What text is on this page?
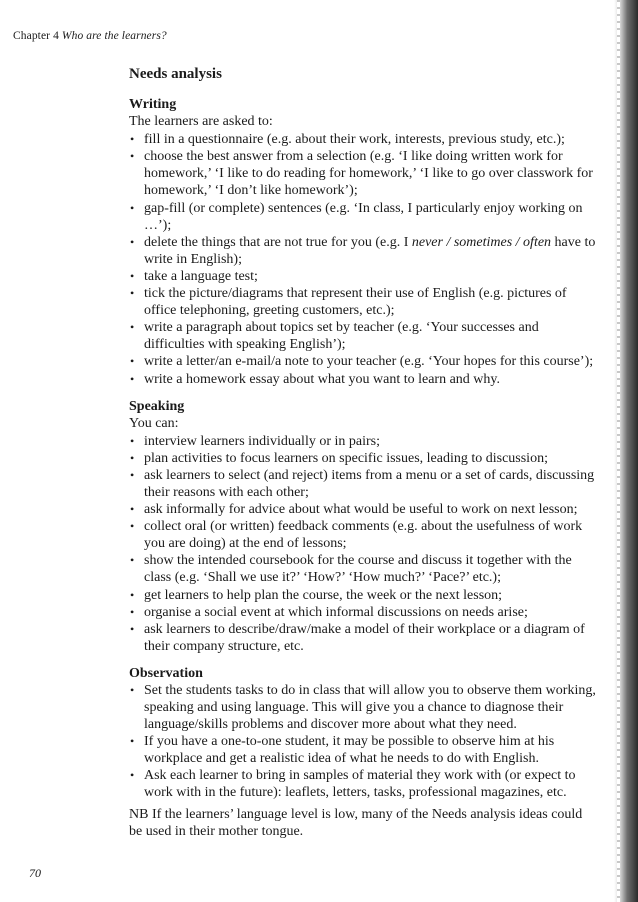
Chapter 4 Who are the learners?
Needs analysis
Writing
The learners are asked to:
• fill in a questionnaire (e.g. about their work, interests, previous study, etc.);
• choose the best answer from a selection (e.g. ‘I like doing written work for homework,’ ‘I like to do reading for homework,’ ‘I like to go over classwork for homework,’ ‘I don’t like homework’);
• gap-fill (or complete) sentences (e.g. ‘In class, I particularly enjoy working on …’);
• delete the things that are not true for you (e.g. I never / sometimes / often have to write in English);
• take a language test;
• tick the picture/diagrams that represent their use of English (e.g. pictures of office telephoning, greeting customers, etc.);
• write a paragraph about topics set by teacher (e.g. ‘Your successes and difficulties with speaking English’);
• write a letter/an e-mail/a note to your teacher (e.g. ‘Your hopes for this course’);
• write a homework essay about what you want to learn and why.
Speaking
You can:
• interview learners individually or in pairs;
• plan activities to focus learners on specific issues, leading to discussion;
• ask learners to select (and reject) items from a menu or a set of cards, discussing their reasons with each other;
• ask informally for advice about what would be useful to work on next lesson;
• collect oral (or written) feedback comments (e.g. about the usefulness of work you are doing) at the end of lessons;
• show the intended coursebook for the course and discuss it together with the class (e.g. ‘Shall we use it?’ ‘How?’ ‘How much?’ ‘Pace?’ etc.);
• get learners to help plan the course, the week or the next lesson;
• organise a social event at which informal discussions on needs arise;
• ask learners to describe/draw/make a model of their workplace or a diagram of their company structure, etc.
Observation
• Set the students tasks to do in class that will allow you to observe them working, speaking and using language. This will give you a chance to diagnose their language/skills problems and discover more about what they need.
• If you have a one-to-one student, it may be possible to observe him at his workplace and get a realistic idea of what he needs to do with English.
• Ask each learner to bring in samples of material they work with (or expect to work with in the future): leaflets, letters, tasks, professional magazines, etc.
NB If the learners’ language level is low, many of the Needs analysis ideas could be used in their mother tongue.
70
